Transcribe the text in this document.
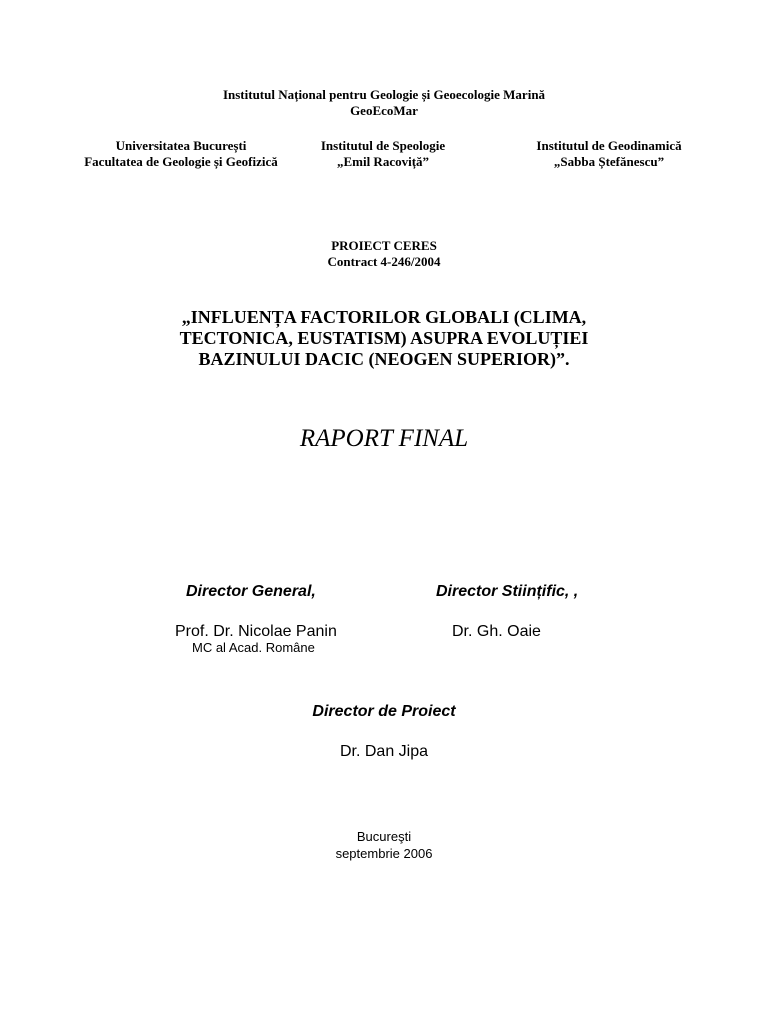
Institutul Național pentru Geologie și Geoecologie Marină
GeoEcoMar
Universitatea București
Facultatea de Geologie și Geofizică
Institutul de Speologie
„Emil Racoviță”
Institutul de Geodinamică
„Sabba Ștefănescu”
PROIECT CERES
Contract 4-246/2004
„INFLUENȚA FACTORILOR GLOBALI (CLIMA,
TECTONICA, EUSTATISM) ASUPRA EVOLUȚIEI
BAZINULUI DACIC (NEOGEN SUPERIOR)”.
RAPORT FINAL
Director General,
Prof. Dr. Nicolae Panin
MC al Acad. Române
Director Stiințific, ,
Dr. Gh. Oaie
Director de Proiect
Dr. Dan Jipa
Bucureşti
septembrie 2006
